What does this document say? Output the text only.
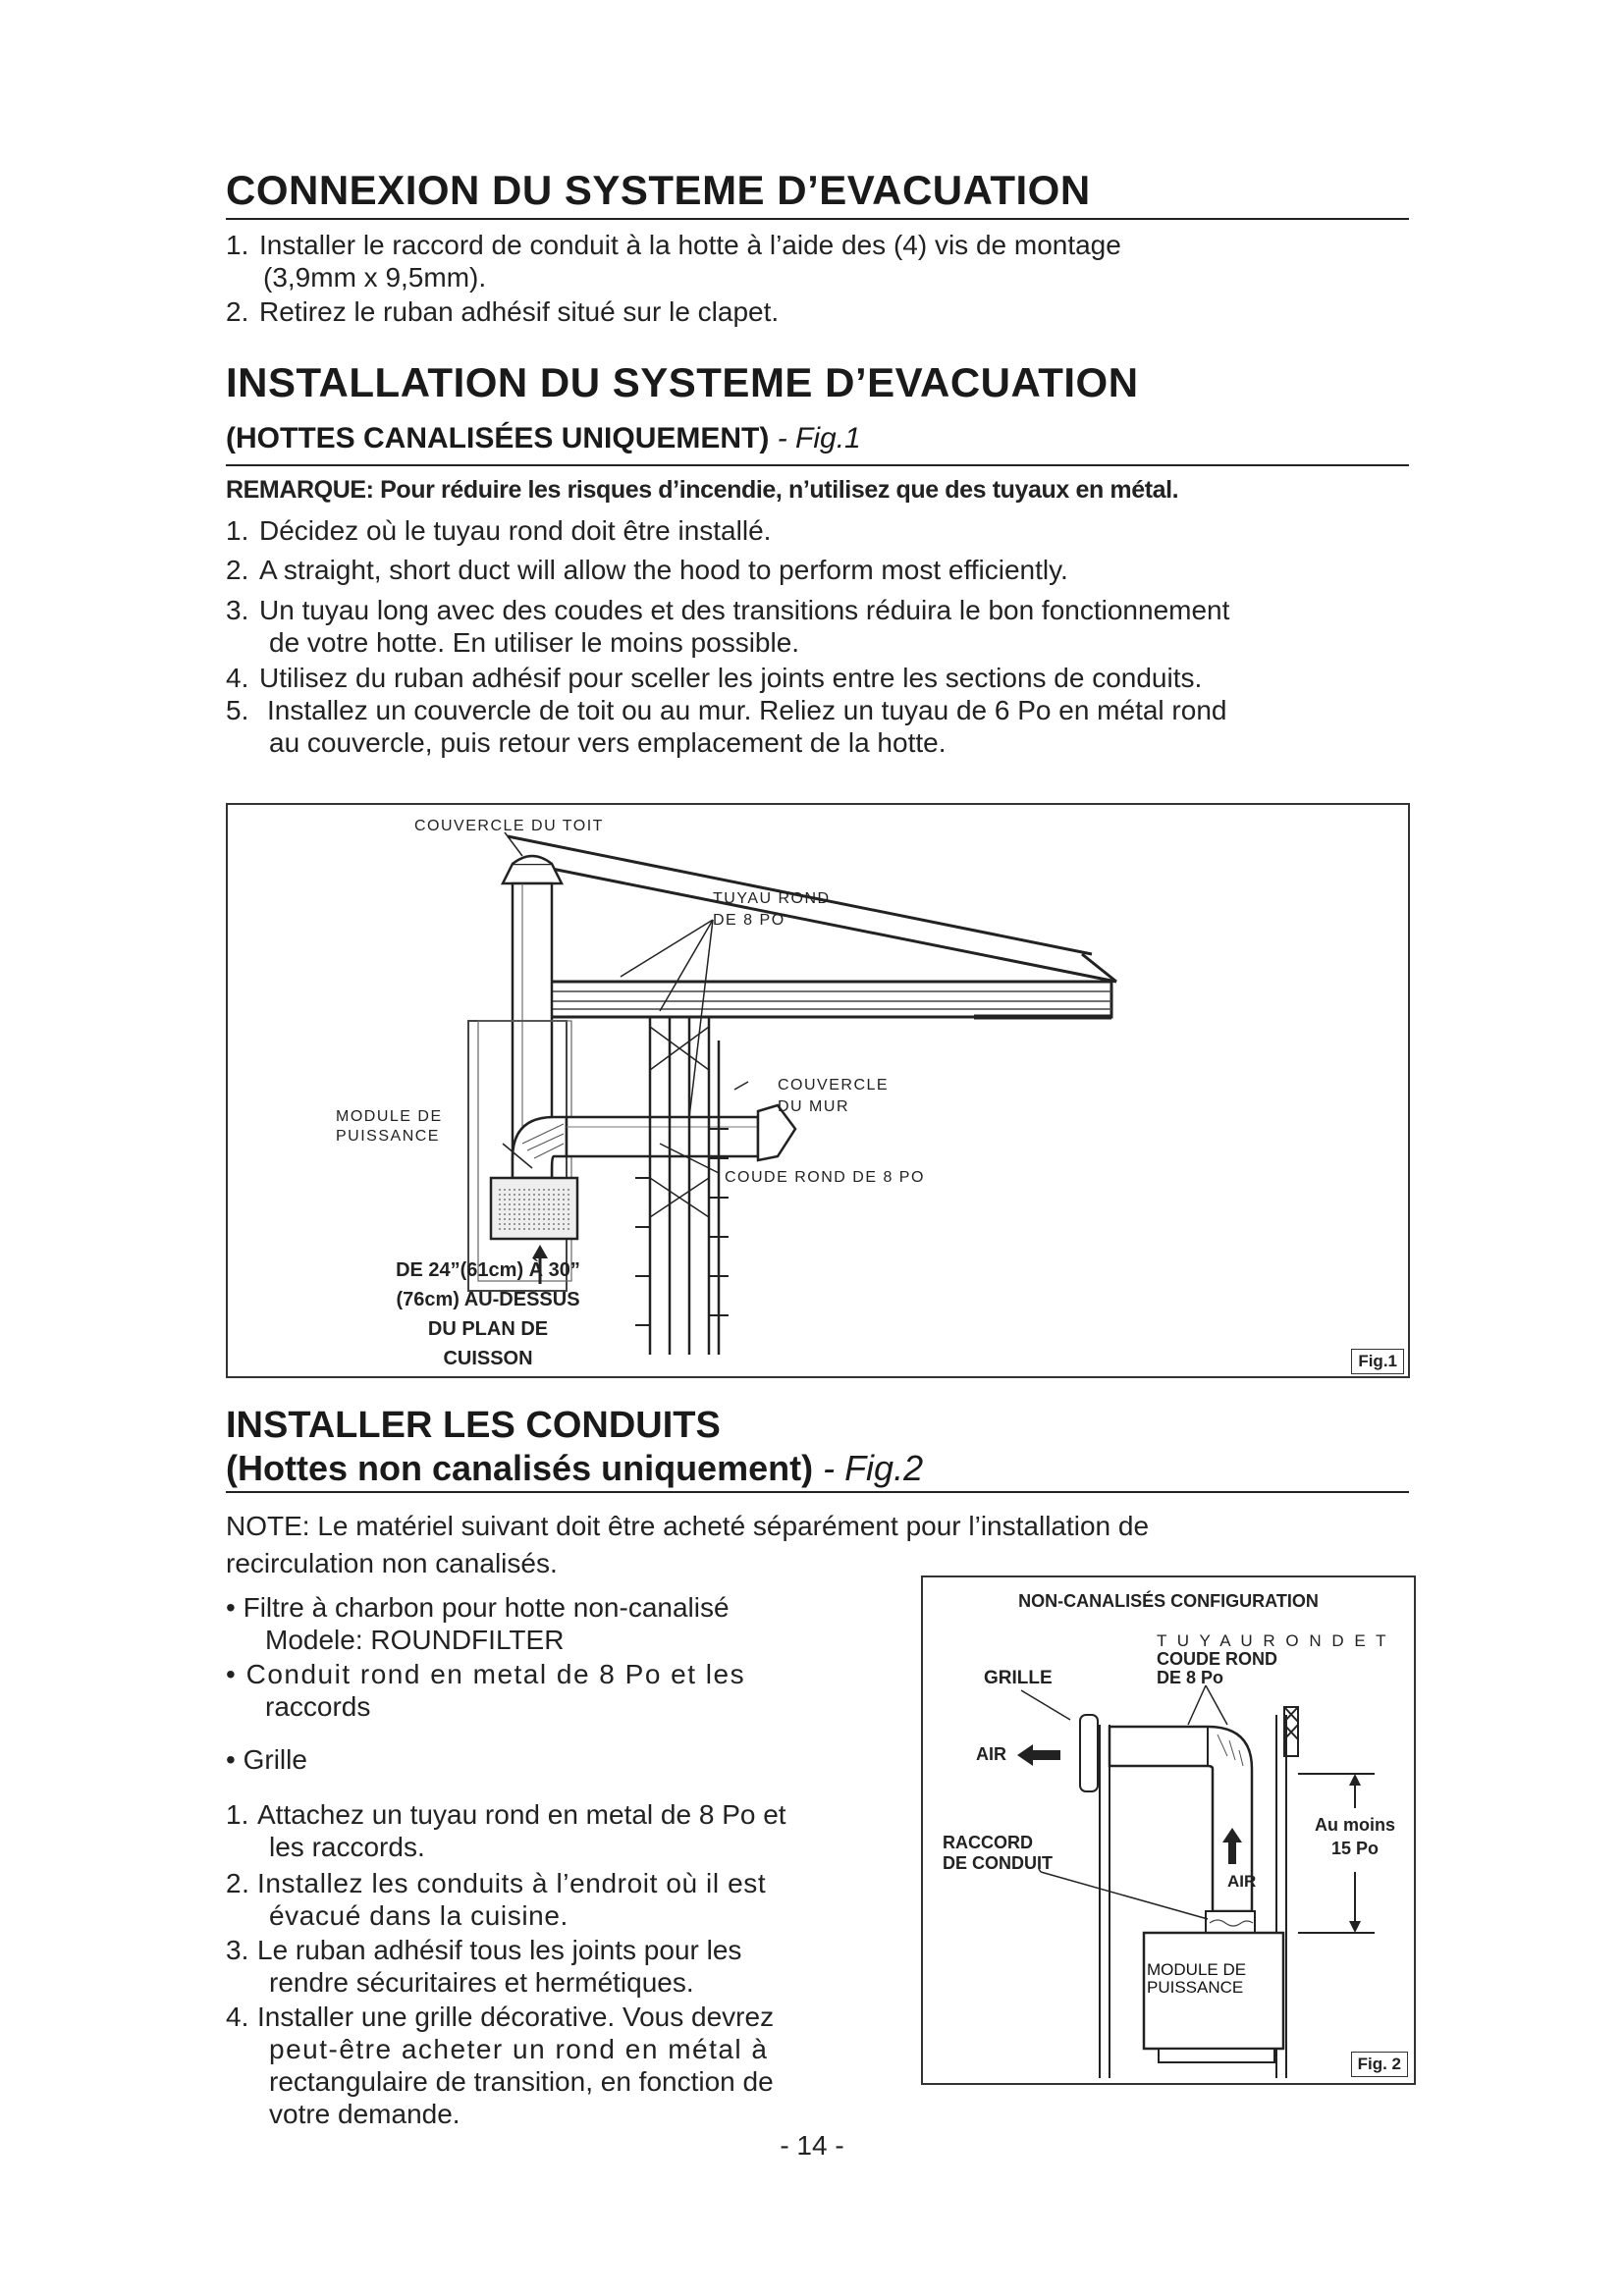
CONNEXION DU SYSTEME D’EVACUATION
1. Installer le raccord de conduit à la hotte à l’aide des (4) vis de montage
(3,9mm x 9,5mm).
2. Retirez le ruban adhésif situé sur le clapet.
INSTALLATION DU SYSTEME D’EVACUATION
(HOTTES CANALISÉES UNIQUEMENT) - Fig.1
REMARQUE: Pour réduire les risques d’incendie, n’utilisez que des tuyaux en métal.
1. Décidez où le tuyau rond doit être installé.
2. A straight, short duct will allow the hood to perform most efficiently.
3. Un tuyau long avec des coudes et des transitions réduira le bon fonctionnement
de votre hotte. En utiliser le moins possible.
4. Utilisez du ruban adhésif pour sceller les joints entre les sections de conduits.
5. Installez un couvercle de toit ou au mur. Reliez un tuyau de 6 Po en métal rond
au couvercle, puis retour vers emplacement de la hotte.
COUVERCLE DU TOIT
TUYAU ROND
DE 8 PO
COUVERCLE
DU MUR
MODULE DE
PUISSANCE
COUDE ROND DE 8 PO
DE 24”(61cm) À 30”
(76cm) AU-DESSUS
DU PLAN DE
CUISSON	Fig.1
INSTALLER LES CONDUITS
(Hottes non canalisés uniquement) - Fig.2
NOTE: Le matériel suivant doit être acheté séparément pour l’installation de
recirculation non canalisés.
• Filtre à charbon pour hotte non-canalisé
Modele: ROUNDFILTER
• Conduit rond en metal de 8 Po et les
raccords
• Grille
1. Attachez un tuyau rond en metal de 8 Po et
les raccords.
2. Installez les conduits à l’endroit où il est
évacué dans la cuisine.
3. Le ruban adhésif tous les joints pour les
rendre sécuritaires et hermétiques.
4. Installer une grille décorative. Vous devrez
peut-être acheter un rond en métal à
rectangulaire de transition, en fonction de
votre demande.
NON-CANALISÉS CONFIGURATION
T U Y A U R O N D E T
COUDE ROND
DE 8 Po
GRILLE
AIR
AIR
MODULE DE
PUISSANCE
RACCORD
DE CONDUIT
Au moins
15 Po
Fig. 2
- 14 -
